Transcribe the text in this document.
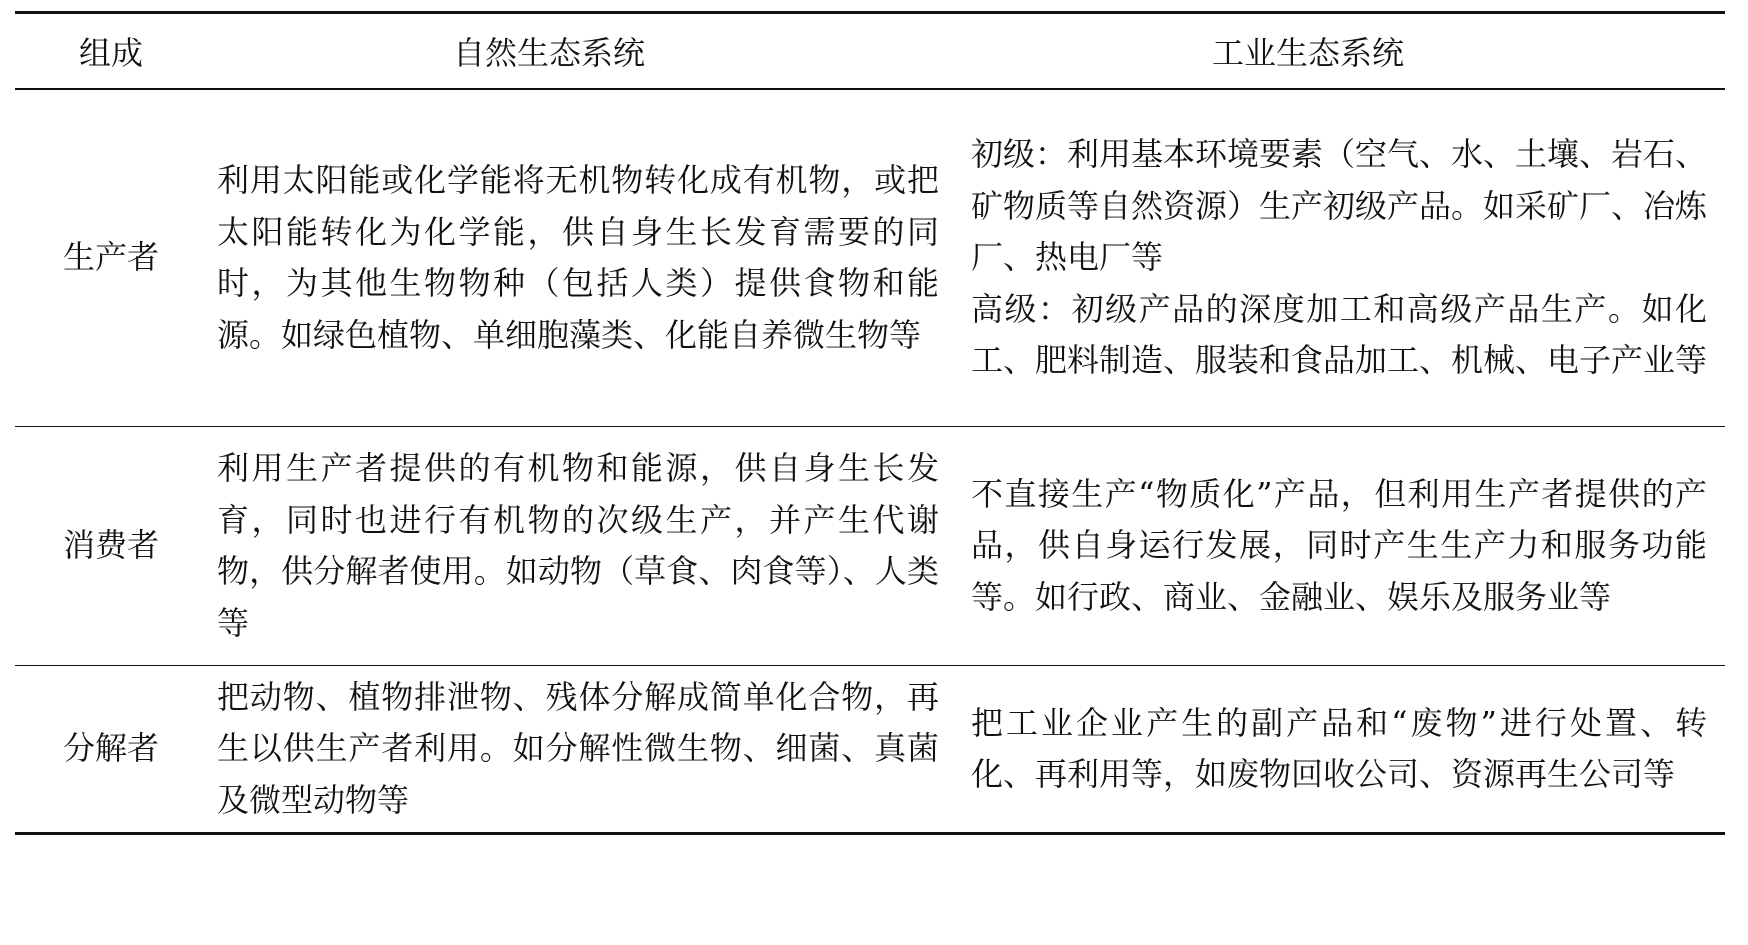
组成	自然生态系统	工业生态系统
生产者	利用太阳能或化学能将无机物转化成有机物，或把太阳能转化为化学能，供自身生长发育需要的同时，为其他生物物种（包括人类）提供食物和能源。如绿色植物、单细胞藻类、化能自养微生物等	初级：利用基本环境要素（空气、水、土壤、岩石、矿物质等自然资源）生产初级产品。如采矿厂、冶炼厂、热电厂等
高级：初级产品的深度加工和高级产品生产。如化工、肥料制造、服装和食品加工、机械、电子产业等

消费者	利用生产者提供的有机物和能源，供自身生长发育，同时也进行有机物的次级生产，并产生代谢物，供分解者使用。如动物（草食、肉食等）、人类等	不直接生产“物质化”产品，但利用生产者提供的产品，供自身运行发展，同时产生生产力和服务功能等。如行政、商业、金融业、娱乐及服务业等
分解者	把动物、植物排泄物、残体分解成简单化合物，再生以供生产者利用。如分解性微生物、细菌、真菌及微型动物等	把工业企业产生的副产品和“废物”进行处置、转化、再利用等，如废物回收公司、资源再生公司等
